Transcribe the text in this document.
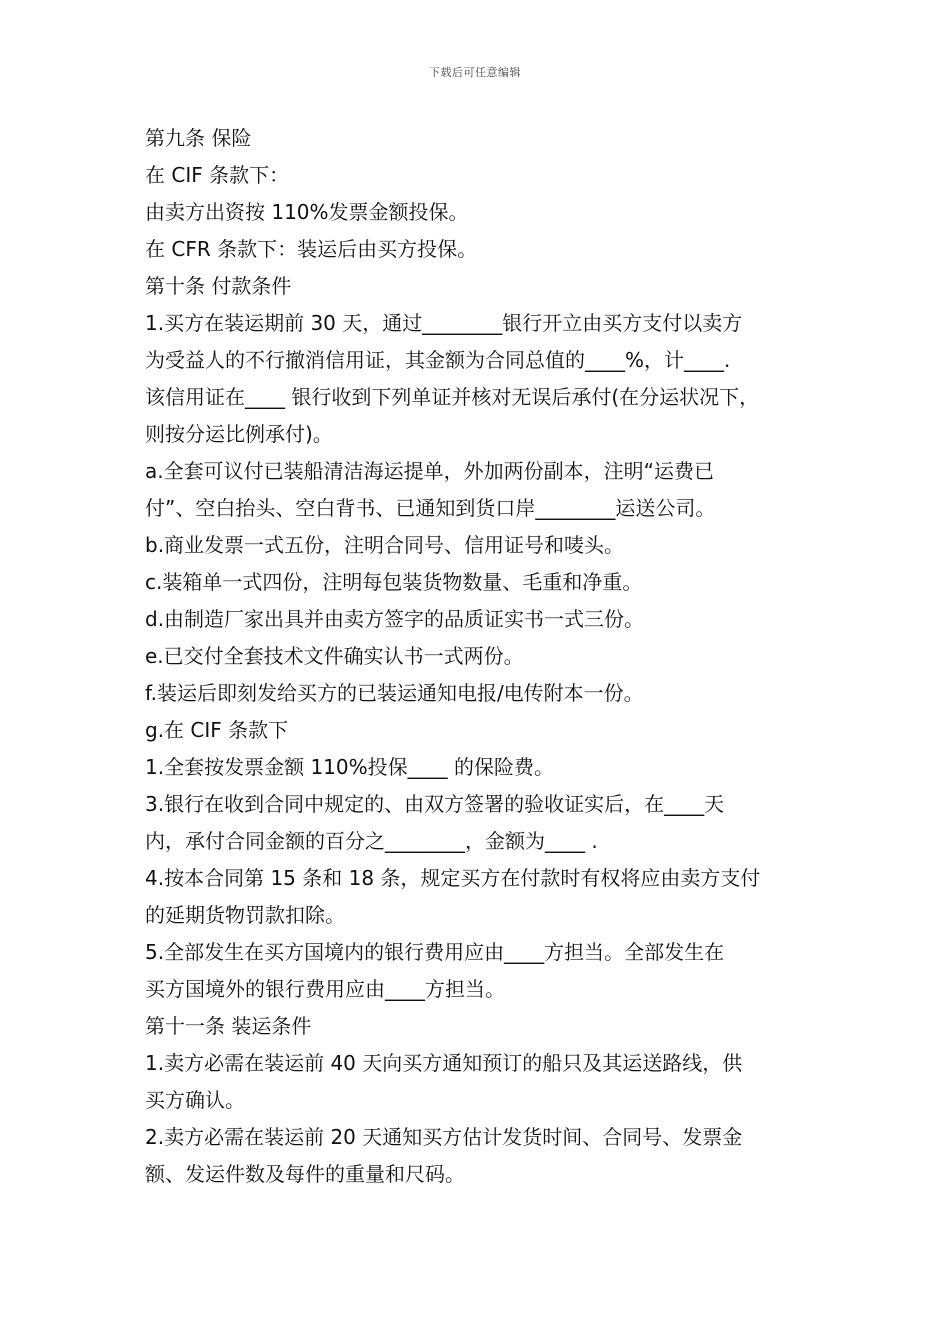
下载后可任意编辑
第九条 保险
在 CIF 条款下：
由卖方出资按 110%发票金额投保。
在 CFR 条款下：装运后由买方投保。
第十条 付款条件
1.买方在装运期前 30 天，通过________银行开立由买方支付以卖方
为受益人的不行撤消信用证，其金额为合同总值的____%，计____.
该信用证在____ 银行收到下列单证并核对无误后承付(在分运状况下，
则按分运比例承付)。
a.全套可议付已装船清洁海运提单，外加两份副本，注明“运费已
付”、空白抬头、空白背书、已通知到货口岸________运送公司。
b.商业发票一式五份，注明合同号、信用证号和唛头。
c.装箱单一式四份，注明每包装货物数量、毛重和净重。
d.由制造厂家出具并由卖方签字的品质证实书一式三份。
e.已交付全套技术文件确实认书一式两份。
f.装运后即刻发给买方的已装运通知电报/电传附本一份。
g.在 CIF 条款下
1.全套按发票金额 110%投保____ 的保险费。
3.银行在收到合同中规定的、由双方签署的验收证实后，在____天
内，承付合同金额的百分之________，金额为____ .
4.按本合同第 15 条和 18 条，规定买方在付款时有权将应由卖方支付
的延期货物罚款扣除。
5.全部发生在买方国境内的银行费用应由____方担当。全部发生在
买方国境外的银行费用应由____方担当。
第十一条 装运条件
1.卖方必需在装运前 40 天向买方通知预订的船只及其运送路线，供
买方确认。
2.卖方必需在装运前 20 天通知买方估计发货时间、合同号、发票金
额、发运件数及每件的重量和尺码。
